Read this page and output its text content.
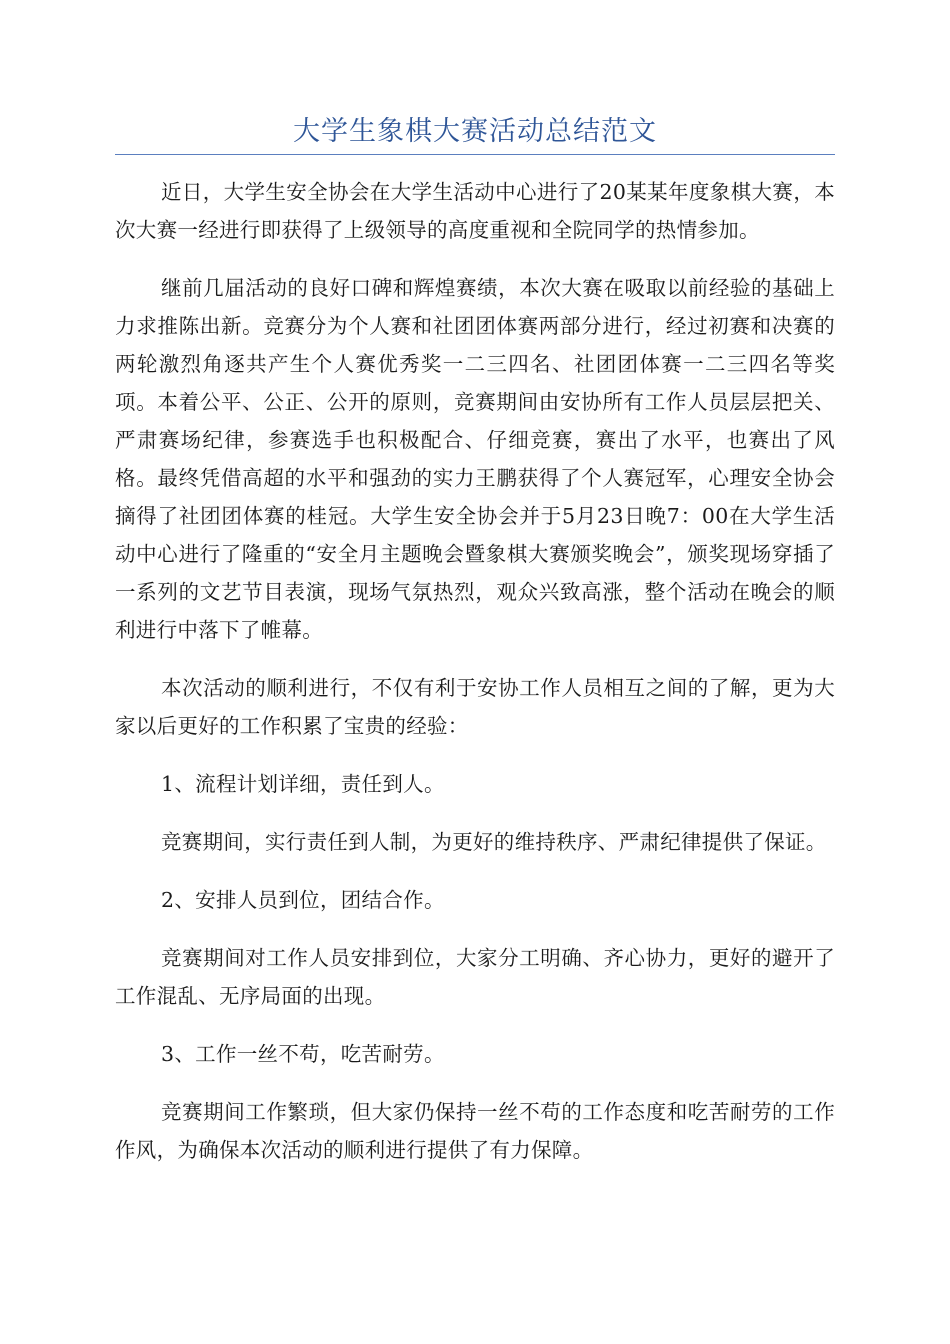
大学生象棋大赛活动总结范文

近日，大学生安全协会在大学生活动中心进行了20某某年度象棋大赛，本次大赛一经进行即获得了上级领导的高度重视和全院同学的热情参加。

继前几届活动的良好口碑和辉煌赛绩，本次大赛在吸取以前经验的基础上力求推陈出新。竞赛分为个人赛和社团团体赛两部分进行，经过初赛和决赛的两轮激烈角逐共产生个人赛优秀奖一二三四名、社团团体赛一二三四名等奖项。本着公平、公正、公开的原则，竞赛期间由安协所有工作人员层层把关、严肃赛场纪律，参赛选手也积极配合、仔细竞赛，赛出了水平，也赛出了风格。最终凭借高超的水平和强劲的实力王鹏获得了个人赛冠军，心理安全协会摘得了社团团体赛的桂冠。大学生安全协会并于5月23日晚7：00在大学生活动中心进行了隆重的“安全月主题晚会暨象棋大赛颁奖晚会”，颁奖现场穿插了一系列的文艺节目表演，现场气氛热烈，观众兴致高涨，整个活动在晚会的顺利进行中落下了帷幕。

本次活动的顺利进行，不仅有利于安协工作人员相互之间的了解，更为大家以后更好的工作积累了宝贵的经验：

1、流程计划详细，责任到人。

竞赛期间，实行责任到人制，为更好的维持秩序、严肃纪律提供了保证。

2、安排人员到位，团结合作。

竞赛期间对工作人员安排到位，大家分工明确、齐心协力，更好的避开了工作混乱、无序局面的出现。

3、工作一丝不苟，吃苦耐劳。

竞赛期间工作繁琐，但大家仍保持一丝不苟的工作态度和吃苦耐劳的工作作风，为确保本次活动的顺利进行提供了有力保障。
